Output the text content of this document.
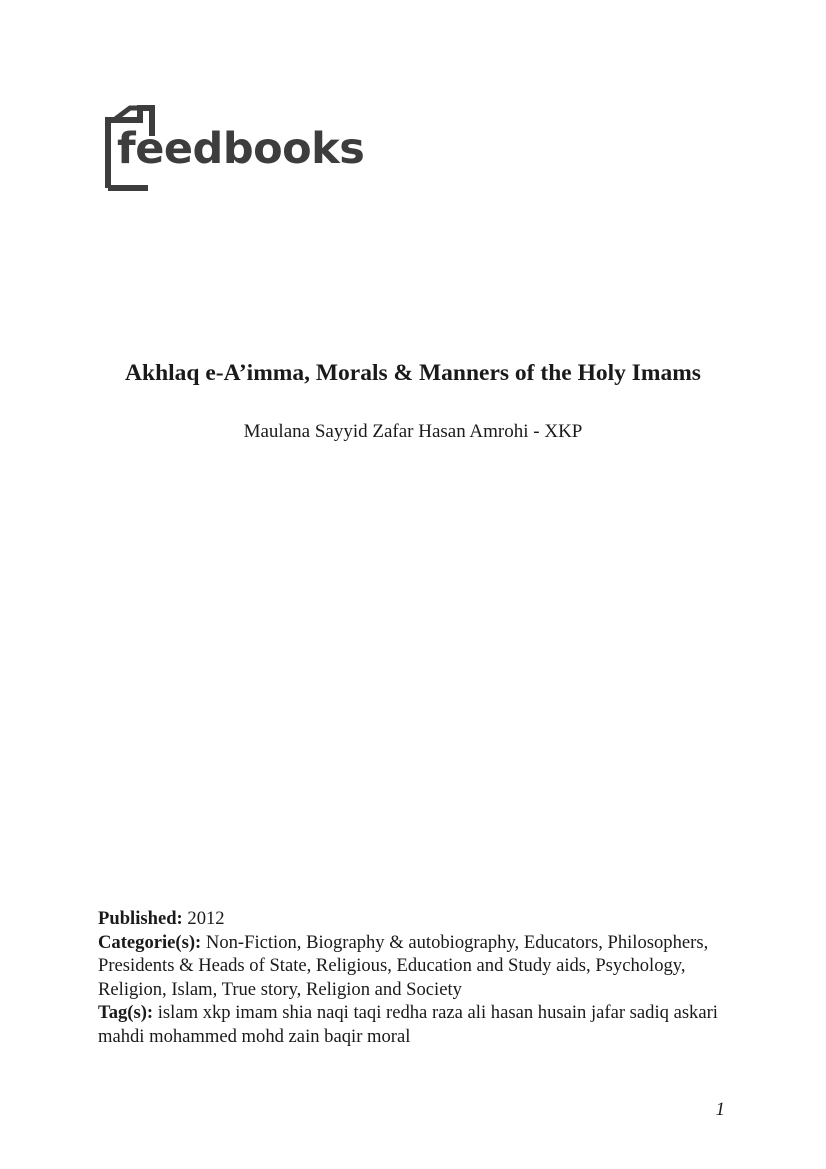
feedbooks
Akhlaq e-A’imma, Morals & Manners of the Holy Imams
Maulana Sayyid Zafar Hasan Amrohi - XKP
Published: 2012
Categorie(s): Non-Fiction, Biography & autobiography, Educators, Philosophers, Presidents & Heads of State, Religious, Education and Study aids, Psychology, Religion, Islam, True story, Religion and Society
Tag(s): islam xkp imam shia naqi taqi redha raza ali hasan husain jafar sadiq askari mahdi mohammed mohd zain baqir moral
1
